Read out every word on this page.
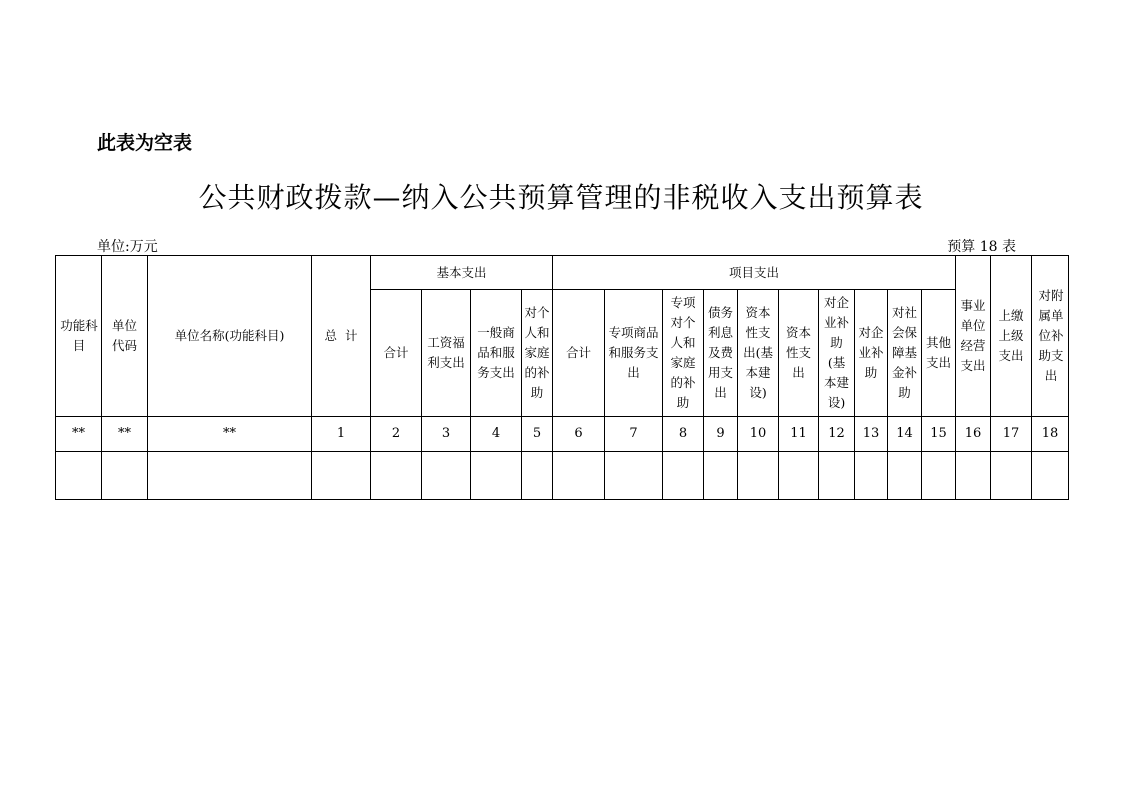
此表为空表
公共财政拨款—纳入公共预算管理的非税收入支出预算表
单位:万元	预算 18 表
功能科目	单位代码	单位名称(功能科目)	总  计	基本支出				项目支出										事业单位经营支出	上缴上级支出	对附属单位补助支出
				合计	工资福利支出	一般商品和服务支出	对个人和家庭的补助	合计	专项商品和服务支出	专项对个人和家庭的补助	债务利息及费用支出	资本性支出(基本建设)	资本性支出	对企业补助(基本建设)	对企业补助	对社会保障基金补助	其他支出			
**	**	**	1	2	3	4	5	6	7	8	9	10	11	12	13	14	15	16	17	18
